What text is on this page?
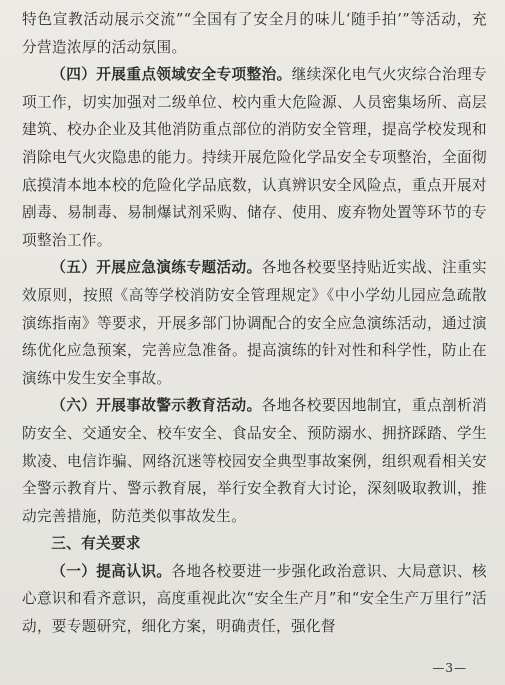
特色宣教活动展示交流”“全国有了安全月的味儿‘随手拍’”等活动，充分营造浓厚的活动氛围。

（四）开展重点领域安全专项整治。继续深化电气火灾综合治理专项工作，切实加强对二级单位、校内重大危险源、人员密集场所、高层建筑、校办企业及其他消防重点部位的消防安全管理，提高学校发现和消除电气火灾隐患的能力。持续开展危险化学品安全专项整治，全面彻底摸清本地本校的危险化学品底数，认真辨识安全风险点，重点开展对剧毒、易制毒、易制爆试剂采购、储存、使用、废弃物处置等环节的专项整治工作。

（五）开展应急演练专题活动。各地各校要坚持贴近实战、注重实效原则，按照《高等学校消防安全管理规定》《中小学幼儿园应急疏散演练指南》等要求，开展多部门协调配合的安全应急演练活动，通过演练优化应急预案，完善应急准备。提高演练的针对性和科学性，防止在演练中发生安全事故。

（六）开展事故警示教育活动。各地各校要因地制宜，重点剖析消防安全、交通安全、校车安全、食品安全、预防溺水、拥挤踩踏、学生欺凌、电信诈骗、网络沉迷等校园安全典型事故案例，组织观看相关安全警示教育片、警示教育展，举行安全教育大讨论，深刻吸取教训，推动完善措施，防范类似事故发生。

三、有关要求

（一）提高认识。各地各校要进一步强化政治意识、大局意识、核心意识和看齐意识，高度重视此次“安全生产月”和“安全生产万里行”活动，要专题研究，细化方案，明确责任，强化督

—3—
